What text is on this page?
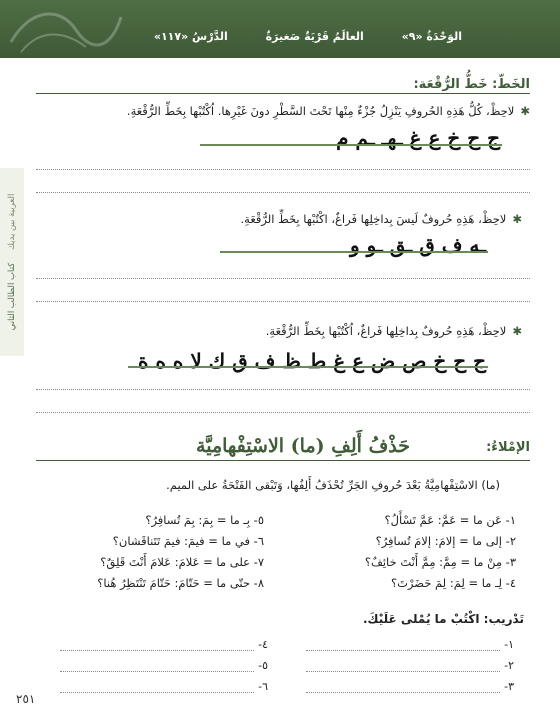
الوَحْدَةُ «٩» العالَمُ قَرْيَةٌ صَغيرَةٌ الدَّرْسُ «١١٧»
العربية بين يديك كتاب الطالب الثاني
الخَطّ: خَطُّ الرُّقْعَة:
✱لاحِظْ، كُلُّ هَذِهِ الحُروفِ يَنْزِلُ جُزْءٌ مِنْها تَحْتَ السَّطْرِ دونَ غَيْرِها. اُكْتُبْها بِخَطِّ الرُّقْعَةِ.
ج ح خ ع غ ـهـ ـم م
✱لاحِظْ، هَذِهِ حُروفٌ لَيسَ بِداخِلِها فَراغٌ، اكْتُبْها بِخَطِّ الرُّقْعَةِ.
ـه ف ق ـق ـو و
✱لاحِظْ، هَذِهِ حُروفٌ بِداخِلِها فَراغٌ، اُكْتُبْها بِخَطِّ الرُّقْعَةِ.
ج ح خ ص ض ع غ ط ظ ف ق ك لا ه ه ة
الإمْلاءُ:
حَذْفُ أَلِفِ (ما) الاسْتِفْهامِيَّة
(ما) الاسْتِفْهامِيَّةُ بَعْدَ حُروفِ الجَرِّ تُحْذَفُ أَلِفُها، وَتَبْقى الفَتْحَةُ على الميم.
١- عَن ما = عَمَّ: عَمَّ تَسْأَلُ؟
٢- إلى ما = إلامَ: إلامَ تُسافِرُ؟
٣- مِنْ ما = مِمَّ: مِمَّ أَنْتَ خائِفٌ؟
٤- لِـ ما = لِمَ: لِمَ حَضَرْتَ؟
٥- بِـ ما = بِمَ: بِمَ تُسافِرُ؟
٦- في ما = فيمَ: فيمَ تَتَناقَشان؟
٧- على ما = عَلامَ: عَلامَ أَنْتَ قَلِقٌ؟
٨- حتّى ما = حَتّامَ: حَتّامَ تَنْتَظِرُ هُنا؟
تَدْريب: اكْتُبْ ما يُمْلى عَلَيْكَ.
١-
٢-
٣-
٤-
٥-
٦-
٢٥١
